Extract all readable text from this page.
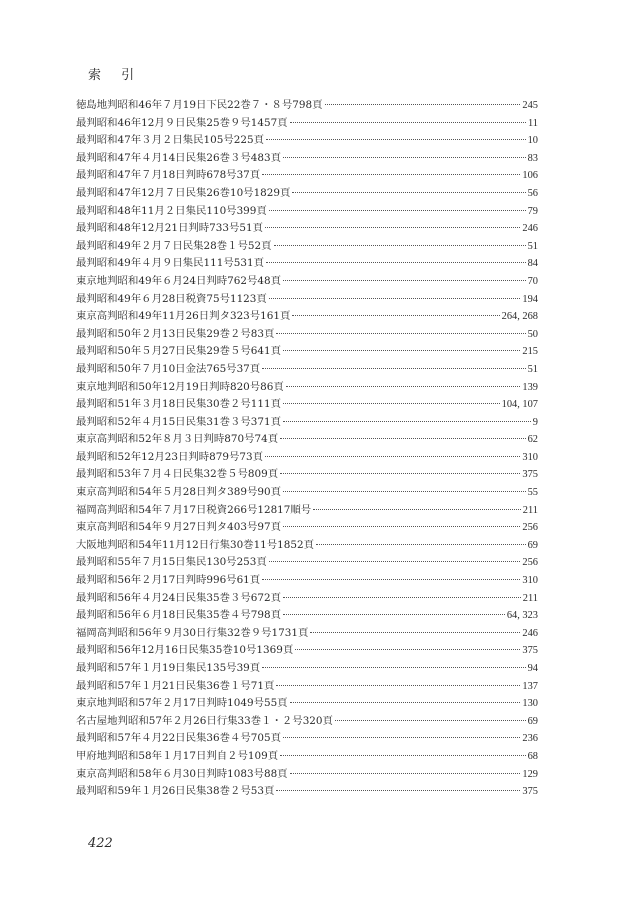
索 引
徳島地判昭和46年７月19日下民22巻７・８号798頁	245
最判昭和46年12月９日民集25巻９号1457頁	11
最判昭和47年３月２日集民105号225頁	10
最判昭和47年４月14日民集26巻３号483頁	83
最判昭和47年７月18日判時678号37頁	106
最判昭和47年12月７日民集26巻10号1829頁	56
最判昭和48年11月２日集民110号399頁	79
最判昭和48年12月21日判時733号51頁	246
最判昭和49年２月７日民集28巻１号52頁	51
最判昭和49年４月９日集民111号531頁	84
東京地判昭和49年６月24日判時762号48頁	70
最判昭和49年６月28日税資75号1123頁	194
東京高判昭和49年11月26日判タ323号161頁	264, 268
最判昭和50年２月13日民集29巻２号83頁	50
最判昭和50年５月27日民集29巻５号641頁	215
最判昭和50年７月10日金法765号37頁	51
東京地判昭和50年12月19日判時820号86頁	139
最判昭和51年３月18日民集30巻２号111頁	104, 107
最判昭和52年４月15日民集31巻３号371頁	9
東京高判昭和52年８月３日判時870号74頁	62
最判昭和52年12月23日判時879号73頁	310
最判昭和53年７月４日民集32巻５号809頁	375
東京高判昭和54年５月28日判タ389号90頁	55
福岡高判昭和54年７月17日税資266号12817順号	211
東京高判昭和54年９月27日判タ403号97頁	256
大阪地判昭和54年11月12日行集30巻11号1852頁	69
最判昭和55年７月15日集民130号253頁	256
最判昭和56年２月17日判時996号61頁	310
最判昭和56年４月24日民集35巻３号672頁	211
最判昭和56年６月18日民集35巻４号798頁	64, 323
福岡高判昭和56年９月30日行集32巻９号1731頁	246
最判昭和56年12月16日民集35巻10号1369頁	375
最判昭和57年１月19日集民135号39頁	94
最判昭和57年１月21日民集36巻１号71頁	137
東京地判昭和57年２月17日判時1049号55頁	130
名古屋地判昭和57年２月26日行集33巻１・２号320頁	69
最判昭和57年４月22日民集36巻４号705頁	236
甲府地判昭和58年１月17日判自２号109頁	68
東京高判昭和58年６月30日判時1083号88頁	129
最判昭和59年１月26日民集38巻２号53頁	375
422
